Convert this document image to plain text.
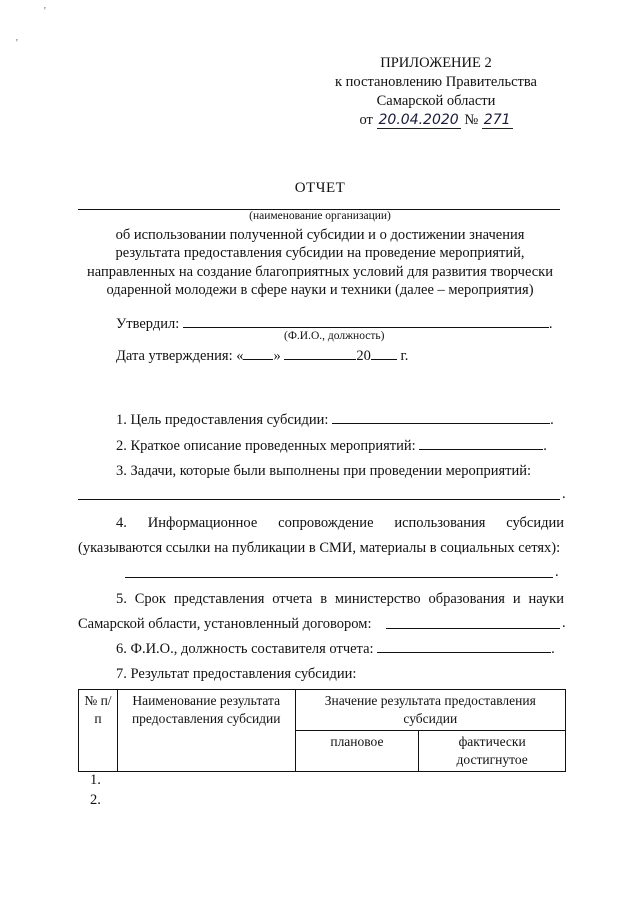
'
'
ПРИЛОЖЕНИЕ 2
к постановлению Правительства
Самарской области
от 20.04.2020 № 271
ОТЧЕТ
(наименование организации)
об использовании полученной субсидии и о достижении значения
результата предоставления субсидии на проведение мероприятий,
направленных на создание благоприятных условий для развития творчески
одаренной молодежи в сфере науки и техники (далее – мероприятия)
Утвердил:	.
(Ф.И.О., должность)
Дата утверждения: « »	20 г.
1. Цель предоставления субсидии:	.
2. Краткое описание проведенных мероприятий:	.
3. Задачи, которые были выполнены при проведении мероприятий:
.
4. Информационное сопровождение использования субсидии (указываются ссылки на публикации в СМИ, материалы в социальных сетях):
.
5. Срок представления отчета в министерство образования и науки Самарской области, установленный договором:	.
6. Ф.И.О., должность составителя отчета:	.
7. Результат предоставления субсидии:
№ п/п	Наименование результата предоставления субсидии	Значение результата предоставления субсидии	
		плановое	фактически достигнутое
1.
2.
